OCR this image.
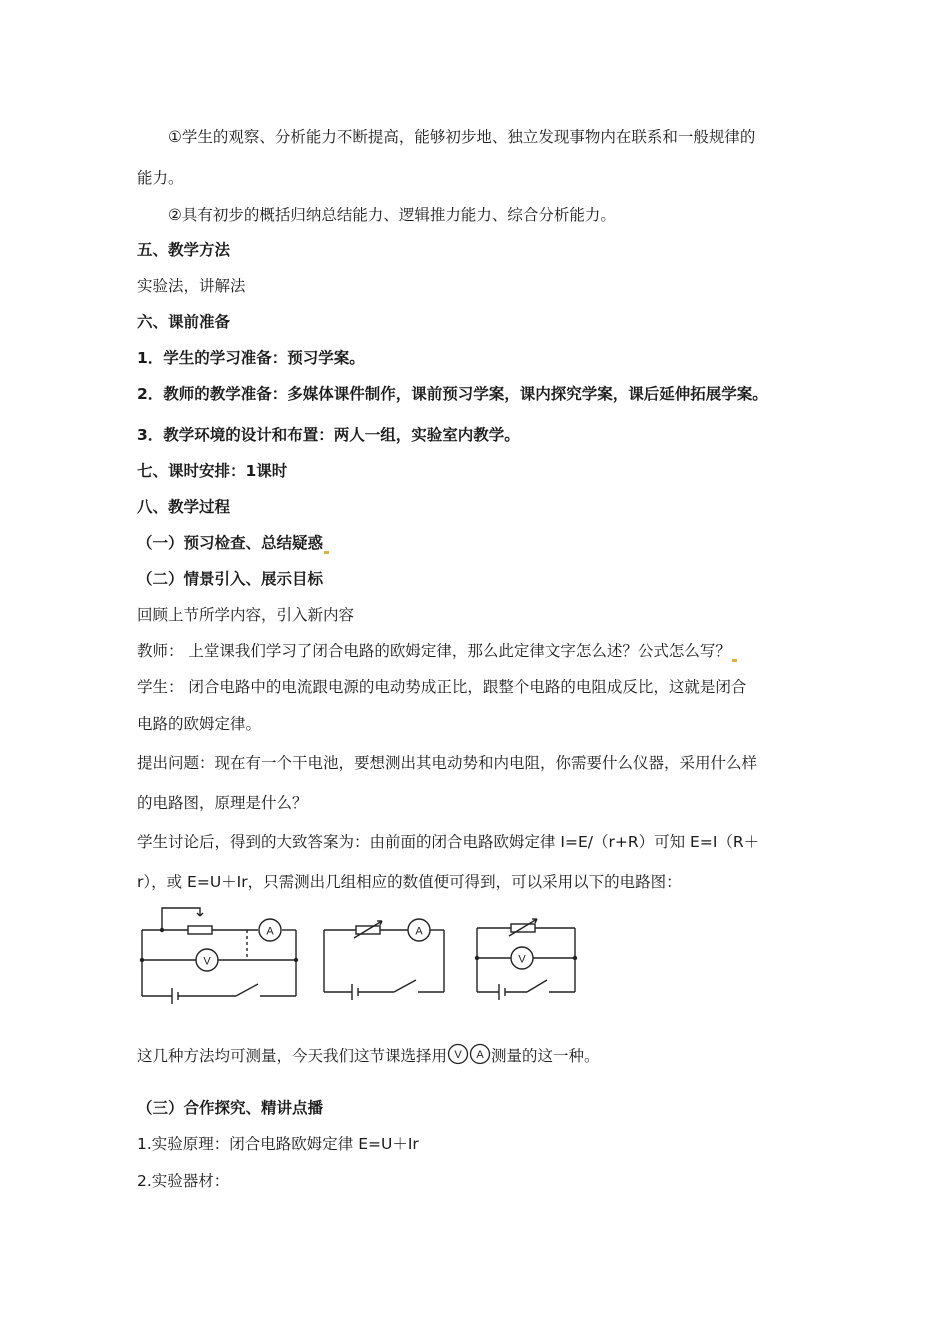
①学生的观察、分析能力不断提高，能够初步地、独立发现事物内在联系和一般规律的
能力。
②具有初步的概括归纳总结能力、逻辑推力能力、综合分析能力。
五、教学方法
实验法，讲解法
六、课前准备
1．学生的学习准备：预习学案。
2．教师的教学准备：多媒体课件制作，课前预习学案，课内探究学案，课后延伸拓展学案。
3．教学环境的设计和布置：两人一组，实验室内教学。
七、课时安排：1课时
八、教学过程
（一）预习检查、总结疑惑
（二）情景引入、展示目标
回顾上节所学内容，引入新内容
教师： 上堂课我们学习了闭合电路的欧姆定律，那么此定律文字怎么述？公式怎么写？
学生： 闭合电路中的电流跟电源的电动势成正比，跟整个电路的电阻成反比，这就是闭合
电路的欧姆定律。
提出问题：现在有一个干电池，要想测出其电动势和内电阻，你需要什么仪器，采用什么样
的电路图，原理是什么？
学生讨论后，得到的大致答案为：由前面的闭合电路欧姆定律 I=E/（r+R）可知 E=I（R＋
r），或 E=U＋Ir，只需测出几组相应的数值便可得到，可以采用以下的电路图：
A
V
A
V
这几种方法均可测量，今天我们这节课选择用 V A 测量的这一种。
（三）合作探究、精讲点播
1.实验原理：闭合电路欧姆定律 E=U＋Ir
2.实验器材：
